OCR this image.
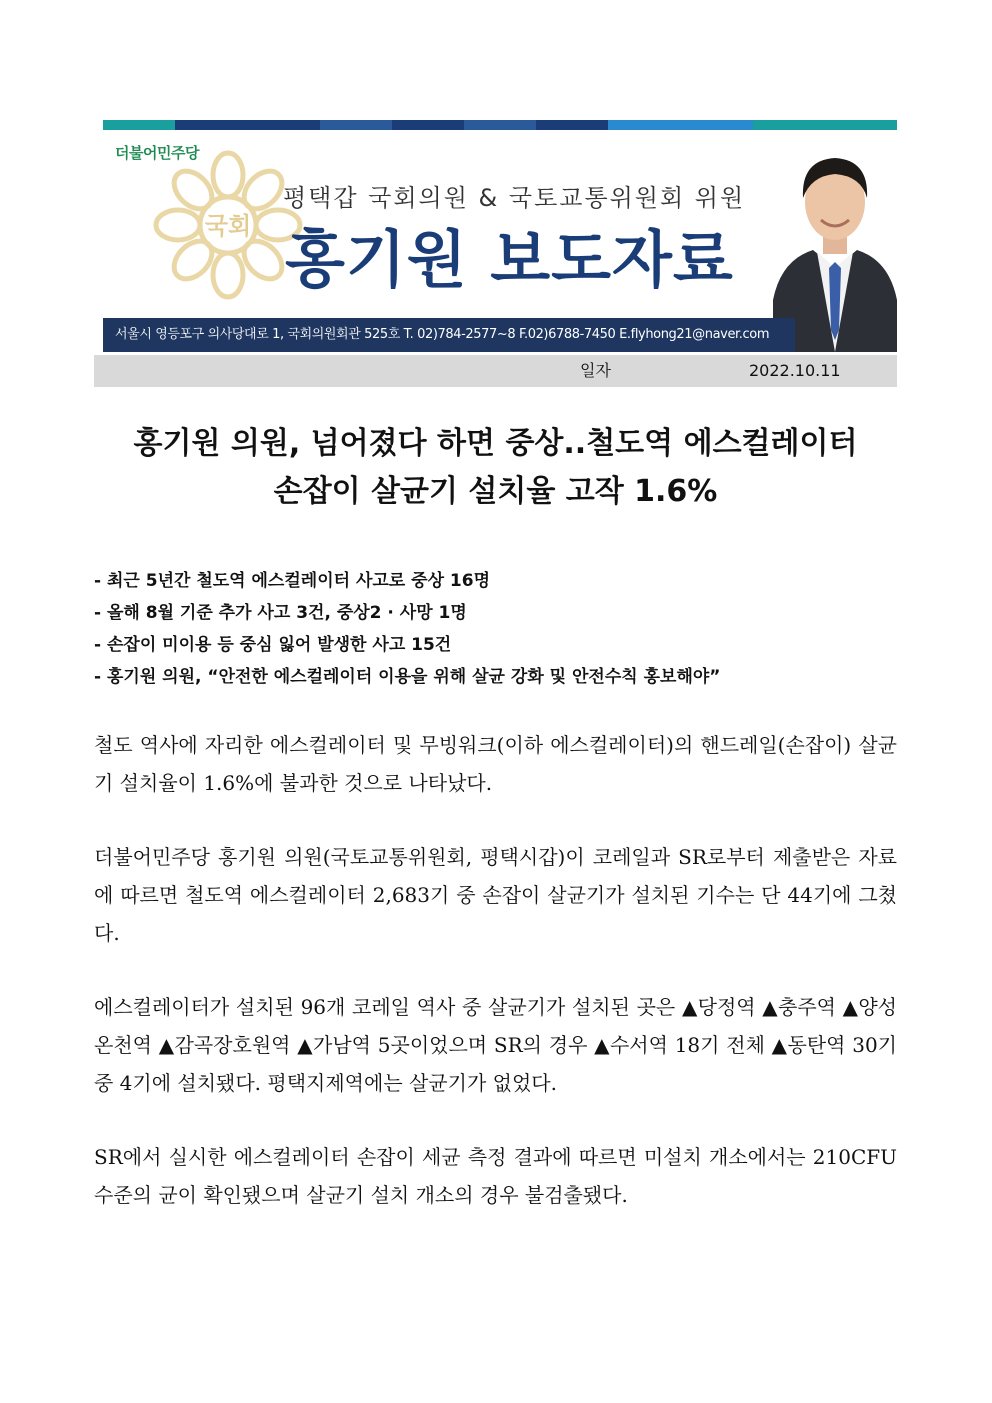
더불어민주당
국회
평택갑 국회의원 & 국토교통위원회 위원
홍기원 보도자료
서울시 영등포구 의사당대로 1, 국회의원회관 525호 T. 02)784-2577~8 F.02)6788-7450 E.flyhong21@naver.com
일자	2022.10.11
홍기원 의원, 넘어졌다 하면 중상..철도역 에스컬레이터
손잡이 살균기 설치율 고작 1.6%
- 최근 5년간 철도역 에스컬레이터 사고로 중상 16명
- 올해 8월 기준 추가 사고 3건, 중상2 · 사망 1명
- 손잡이 미이용 등 중심 잃어 발생한 사고 15건
- 홍기원 의원, “안전한 에스컬레이터 이용을 위해 살균 강화 및 안전수칙 홍보해야”

철도 역사에 자리한 에스컬레이터 및 무빙워크(이하 에스컬레이터)의 핸드레일(손잡이) 살균기 설치율이 1.6%에 불과한 것으로 나타났다.

더불어민주당 홍기원 의원(국토교통위원회, 평택시갑)이 코레일과 SR로부터 제출받은 자료에 따르면 철도역 에스컬레이터 2,683기 중 손잡이 살균기가 설치된 기수는 단 44기에 그쳤다.

에스컬레이터가 설치된 96개 코레일 역사 중 살균기가 설치된 곳은 ▲당정역 ▲충주역 ▲양성온천역 ▲감곡장호원역 ▲가남역 5곳이었으며 SR의 경우 ▲수서역 18기 전체 ▲동탄역 30기 중 4기에 설치됐다. 평택지제역에는 살균기가 없었다.

SR에서 실시한 에스컬레이터 손잡이 세균 측정 결과에 따르면 미설치 개소에서는 210CFU 수준의 균이 확인됐으며 살균기 설치 개소의 경우 불검출됐다.
